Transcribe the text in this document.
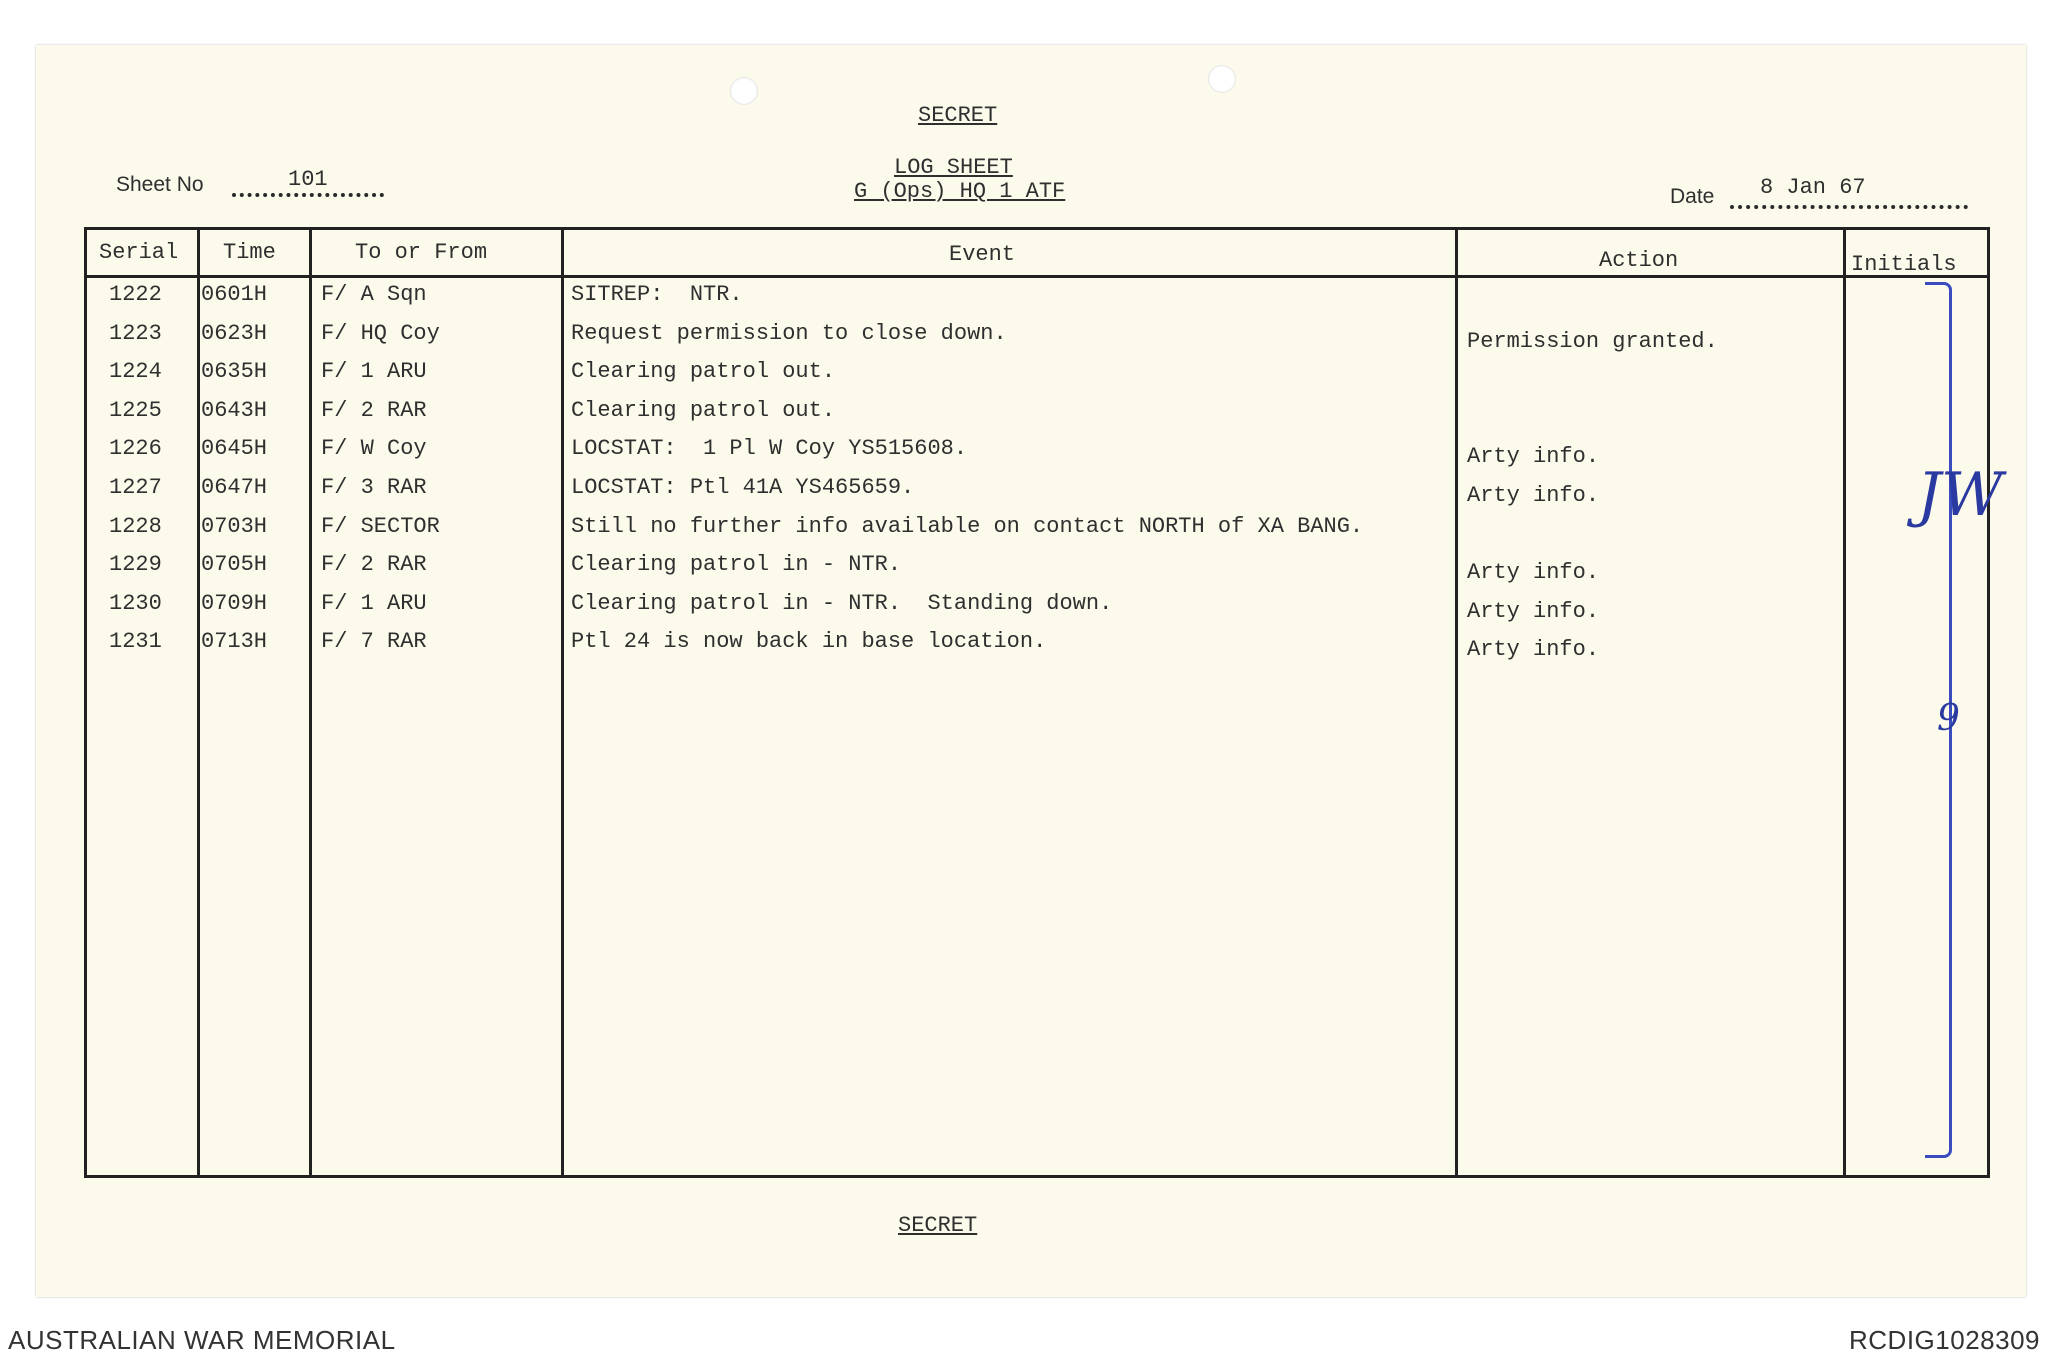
SECRET
Sheet No	101	LOG SHEET
G (Ops) HQ 1 ATF	Date 8 Jan 67
Serial Time	To or From	Event	Action	Initials
1222 0601H F/ A Sqn	SITREP:  NTR.
1223 0623H F/ HQ Coy	Request permission to close down.	Permission granted.
1224 0635H F/ 1 ARU	Clearing patrol out.
1225 0643H F/ 2 RAR	Clearing patrol out.
1226 0645H F/ W Coy	LOCSTAT:  1 Pl W Coy YS515608.	Arty info.
1227 0647H F/ 3 RAR	LOCSTAT: Ptl 41A YS465659.	Arty info.
1228 0703H F/ SECTOR	Still no further info available on contact NORTH of XA BANG.
1229 0705H F/ 2 RAR	Clearing patrol in - NTR.	Arty info.
1230 0709H F/ 1 ARU	Clearing patrol in - NTR.  Standing down.	Arty info.
1231 0713H F/ 7 RAR	Ptl 24 is now back in base location.	Arty info.
JW
9
SECRET
AUSTRALIAN WAR MEMORIAL	RCDIG1028309
